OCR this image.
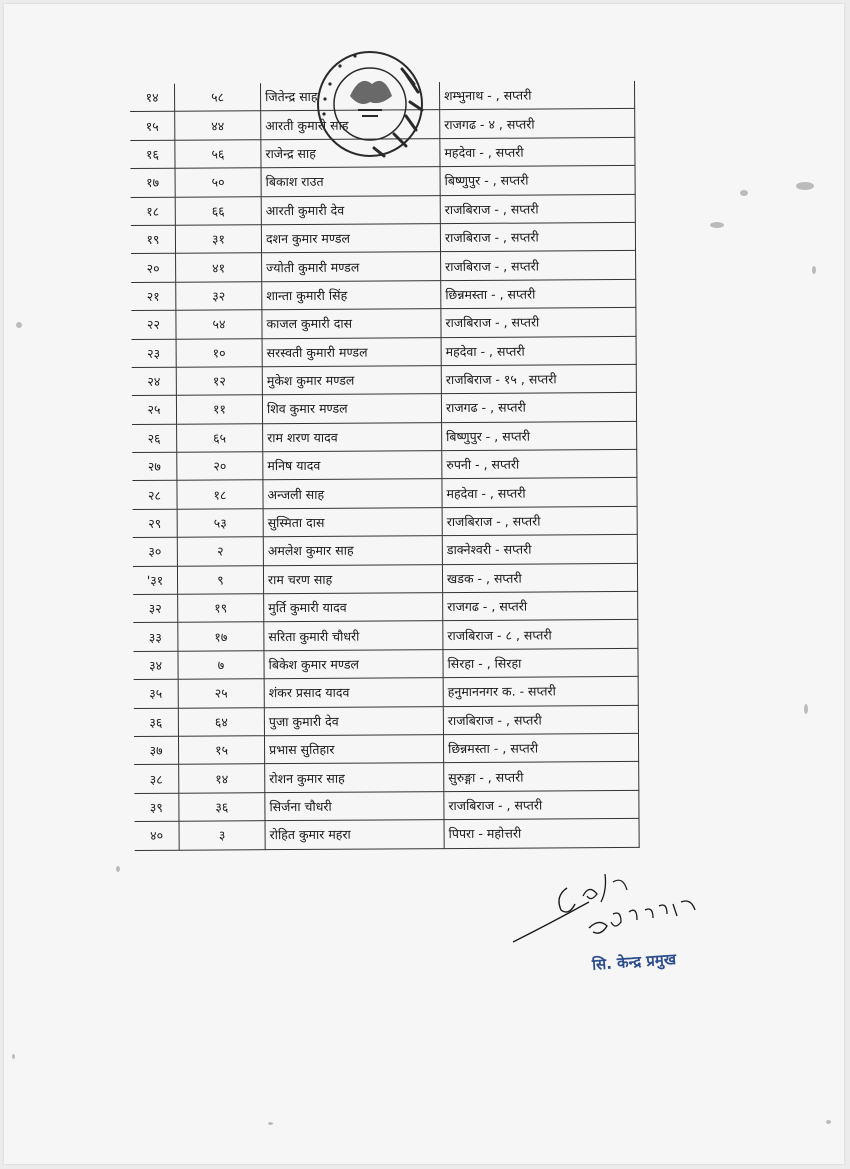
१४	५८	जितेन्द्र साह	शम्भुनाथ - , सप्तरी
१५	४४	आरती कुमारी साह	राजगढ - ४ , सप्तरी
१६	५६	राजेन्द्र साह	महदेवा - , सप्तरी
१७	५०	बिकाश राउत	बिष्णुपुर - , सप्तरी
१८	६६	आरती कुमारी देव	राजबिराज - , सप्तरी
१९	३१	दशन कुमार मण्डल	राजबिराज - , सप्तरी
२०	४१	ज्योती कुमारी मण्डल	राजबिराज - , सप्तरी
२१	३२	शान्ता कुमारी सिंह	छिन्नमस्ता - , सप्तरी
२२	५४	काजल कुमारी दास	राजबिराज - , सप्तरी
२३	१०	सरस्वती कुमारी मण्डल	महदेवा - , सप्तरी
२४	१२	मुकेश कुमार मण्डल	राजबिराज - १५ , सप्तरी
२५	११	शिव कुमार मण्डल	राजगढ - , सप्तरी
२६	६५	राम शरण यादव	बिष्णुपुर - , सप्तरी
२७	२०	मनिष यादव	रुपनी - , सप्तरी
२८	१८	अन्जली साह	महदेवा - , सप्तरी
२९	५३	सुस्मिता दास	राजबिराज - , सप्तरी
३०	२	अमलेश कुमार साह	डाक्नेश्वरी - सप्तरी
'३१	९	राम चरण साह	खडक - , सप्तरी
३२	१९	मुर्ति कुमारी यादव	राजगढ - , सप्तरी
३३	१७	सरिता कुमारी चौधरी	राजबिराज - ८ , सप्तरी
३४	७	बिकेश कुमार मण्डल	सिरहा - , सिरहा
३५	२५	शंकर प्रसाद यादव	हनुमाननगर क. - सप्तरी
३६	६४	पुजा कुमारी देव	राजबिराज - , सप्तरी
३७	१५	प्रभास सुतिहार	छिन्नमस्ता - , सप्तरी
३८	१४	रोशन कुमार साह	सुरुङ्गा - , सप्तरी
३९	३६	सिर्जना चौधरी	राजबिराज - , सप्तरी
४०	३	रोहित कुमार महरा	पिपरा - महोत्तरी
सि. केन्द्र प्रमुख
